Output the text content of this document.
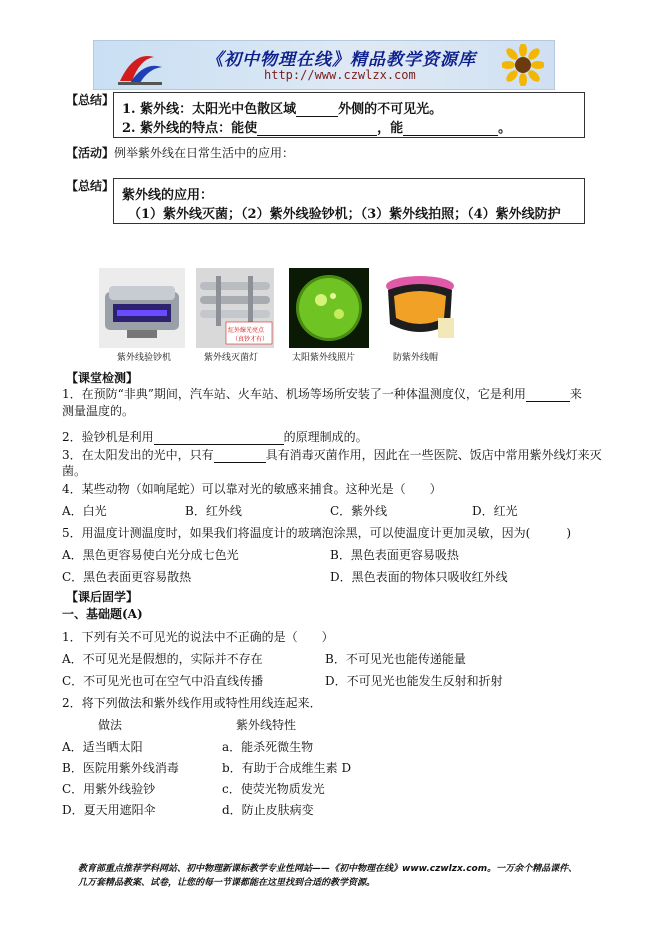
《初中物理在线》精品教学资源库
http://www.czwlzx.com
【总结】
1. 紫外线：太阳光中色散区域	外侧的不可见光。
2. 紫外线的特点：能使	，能	。
【活动】例举紫外线在日常生活中的应用：
【总结】
紫外线的应用：
（1）紫外线灭菌；（2）紫外线验钞机；（3）紫外线拍照；（4）紫外线防护
紅外線光亮点
（真钞才有）
紫外线验钞机	紫外线灭菌灯	太阳紫外线照片	防紫外线帽
【课堂检测】
1．在预防“非典”期间，汽车站、火车站、机场等场所安装了一种体温测度仪，它是利用	来
测量温度的。
2．验钞机是利用	的原理制成的。
3．在太阳发出的光中，只有	具有消毒灭菌作用，因此在一些医院、饭店中常用紫外线灯来灭
菌。
4．某些动物（如响尾蛇）可以靠对光的敏感来捕食。这种光是（　　）
A．白光	B．红外线	C．紫外线	D．红光
5．用温度计测温度时，如果我们将温度计的玻璃泡涂黑，可以使温度计更加灵敏，因为(　　　)
A．黑色更容易使白光分成七色光	B．黑色表面更容易吸热
C．黑色表面更容易散热	D．黑色表面的物体只吸收红外线
【课后固学】
一、基础题(A)
1．下列有关不可见光的说法中不正确的是（　　）
A．不可见光是假想的，实际并不存在	B．不可见光也能传递能量
C．不可见光也可在空气中沿直线传播	D．不可见光也能发生反射和折射
2．将下列做法和紫外线作用或特性用线连起来．
做法	紫外线特性
A．适当晒太阳	a．能杀死微生物
B．医院用紫外线消毒	b．有助于合成维生素 D
C．用紫外线验钞	c．使荧光物质发光
D．夏天用遮阳伞	d．防止皮肤病变
教育部重点推荐学科网站、初中物理新课标教学专业性网站——《初中物理在线》www.czwlzx.com。一万余个精品课件、
几万套精品教案、试卷，让您的每一节课都能在这里找到合适的教学资源。
